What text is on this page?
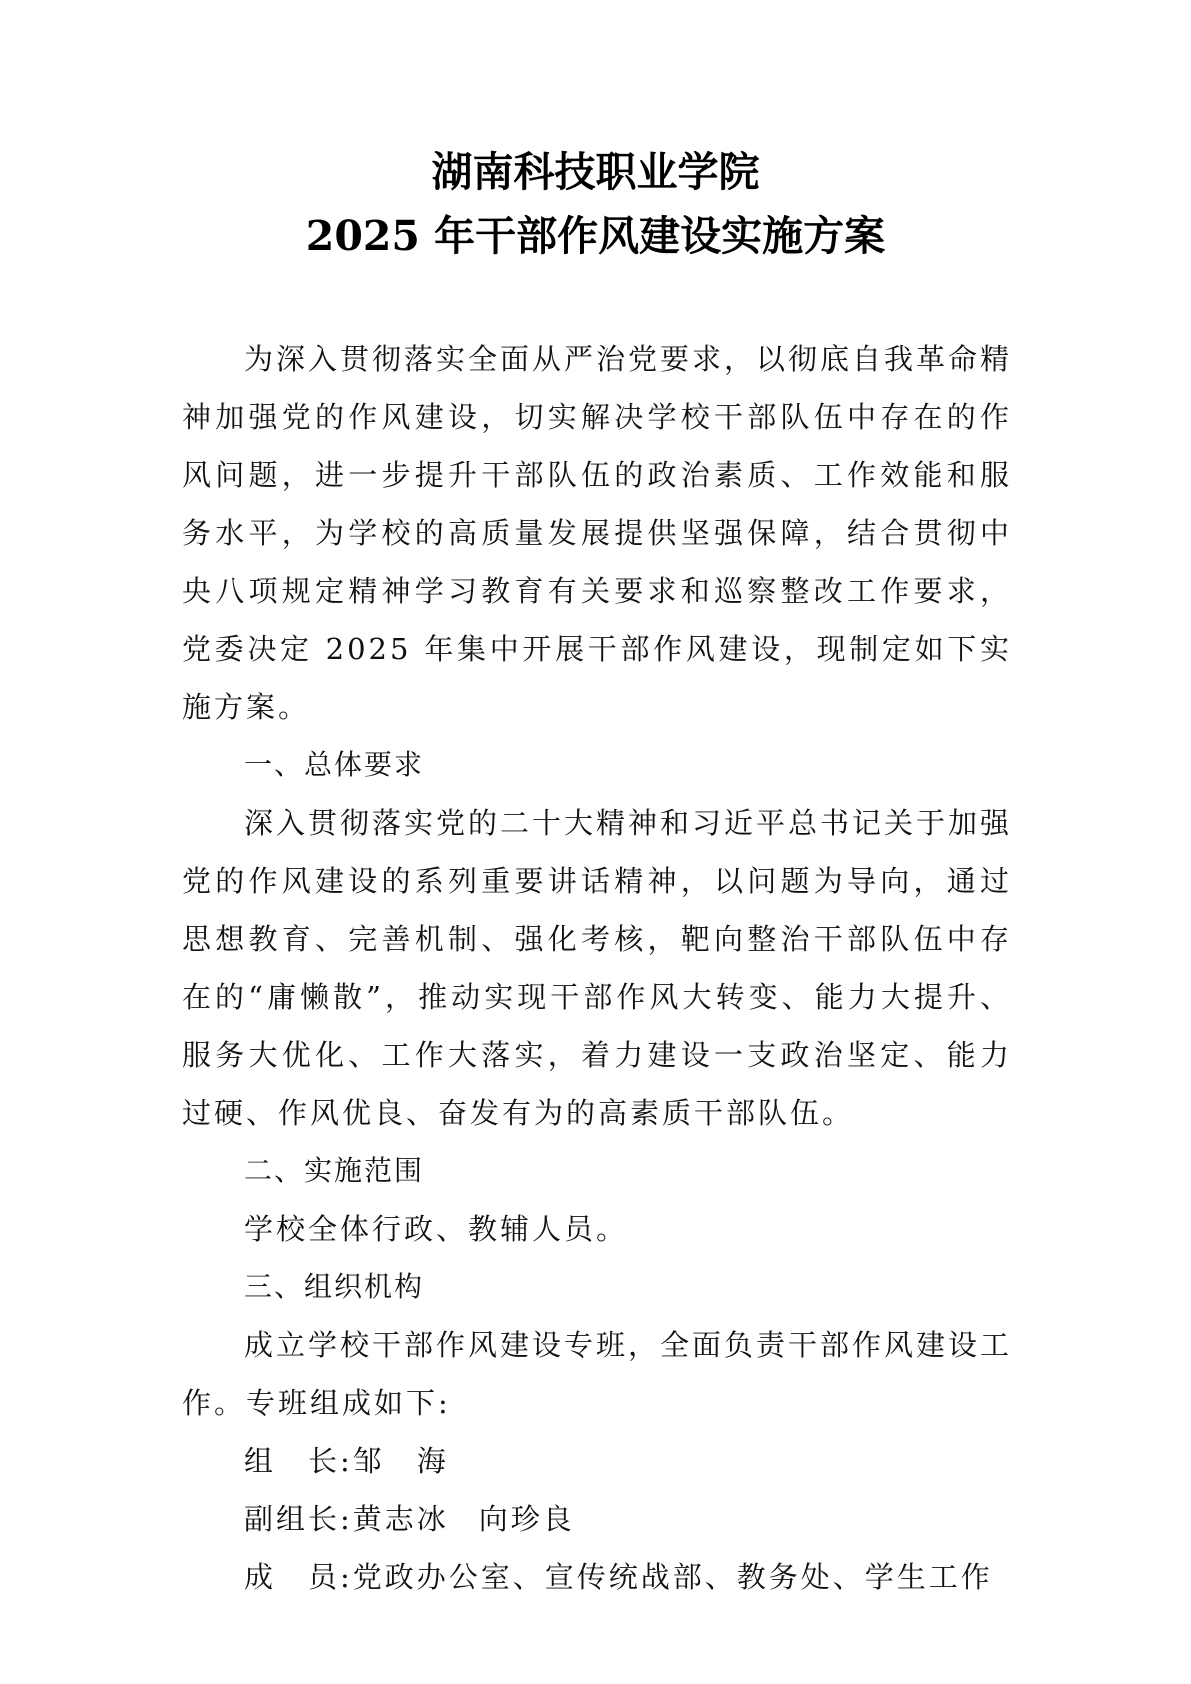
湖南科技职业学院
2025 年干部作风建设实施方案

为深入贯彻落实全面从严治党要求，以彻底自我革命精神加强党的作风建设，切实解决学校干部队伍中存在的作风问题，进一步提升干部队伍的政治素质、工作效能和服务水平，为学校的高质量发展提供坚强保障，结合贯彻中央八项规定精神学习教育有关要求和巡察整改工作要求，党委决定 2025 年集中开展干部作风建设，现制定如下实施方案。

一、总体要求

深入贯彻落实党的二十大精神和习近平总书记关于加强党的作风建设的系列重要讲话精神，以问题为导向，通过思想教育、完善机制、强化考核，靶向整治干部队伍中存在的“庸懒散”，推动实现干部作风大转变、能力大提升、服务大优化、工作大落实，着力建设一支政治坚定、能力过硬、作风优良、奋发有为的高素质干部队伍。

二、实施范围

学校全体行政、教辅人员。

三、组织机构

成立学校干部作风建设专班，全面负责干部作风建设工作。专班组成如下:

组　长:邹　海

副组长:黄志冰 向珍良

成　员:党政办公室、宣传统战部、教务处、学生工作
